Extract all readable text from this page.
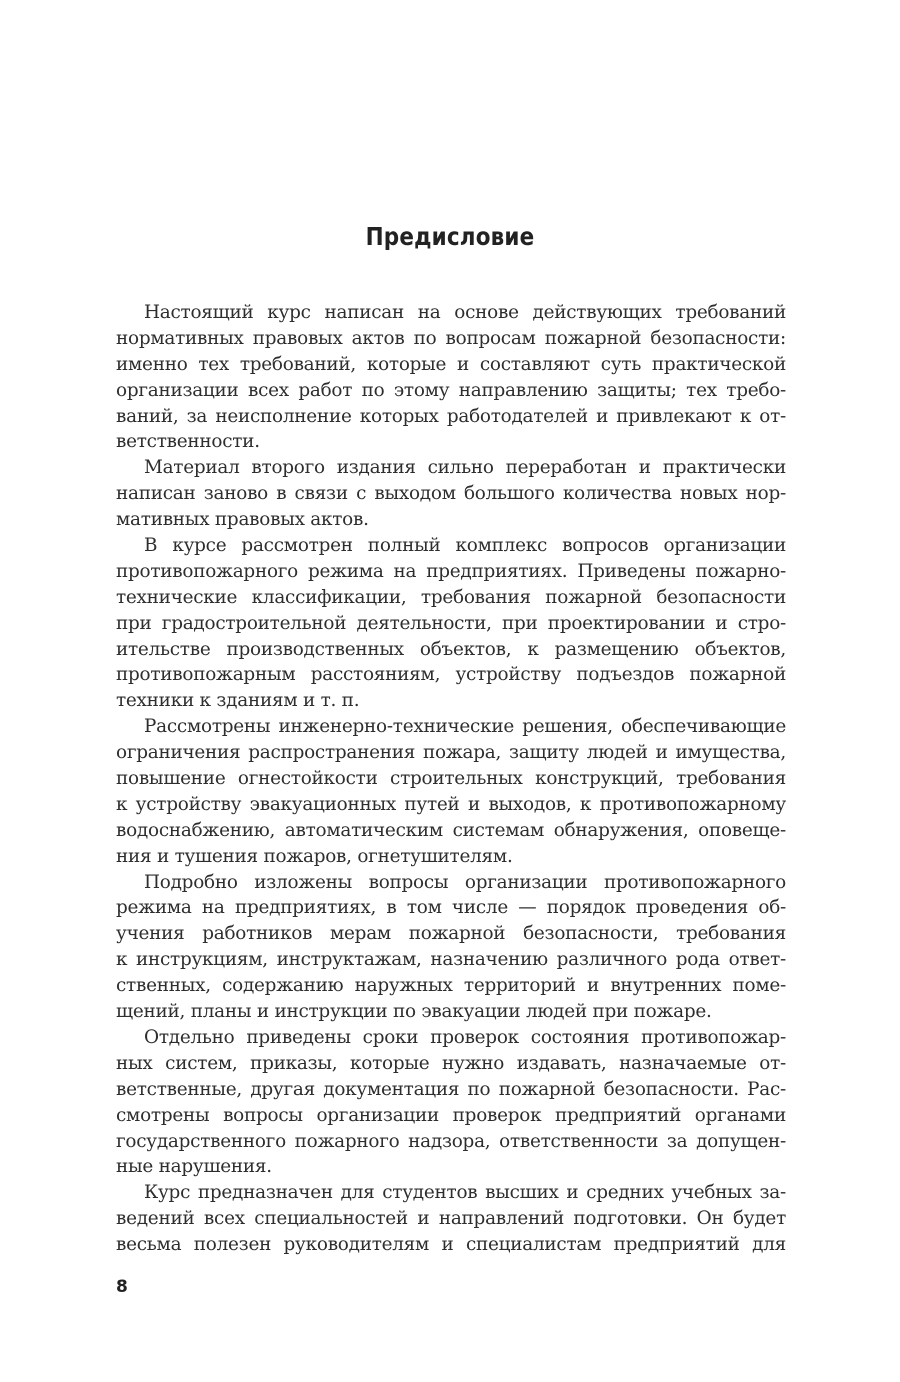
Предисловие
Настоящий курс написан на основе действующих требований
нормативных правовых актов по вопросам пожарной безопасности:
именно тех требований, которые и составляют суть практической
организации всех работ по этому направлению защиты; тех требо-
ваний, за неисполнение которых работодателей и привлекают к от-
ветственности.
Материал второго издания сильно переработан и практически
написан заново в связи с выходом большого количества новых нор-
мативных правовых актов.
В курсе рассмотрен полный комплекс вопросов организации
противопожарного режима на предприятиях. Приведены пожарно-
технические классификации, требования пожарной безопасности
при градостроительной деятельности, при проектировании и стро-
ительстве производственных объектов, к размещению объектов,
противопожарным расстояниям, устройству подъездов пожарной
техники к зданиям и т. п.
Рассмотрены инженерно-технические решения, обеспечивающие
ограничения распространения пожара, защиту людей и имущества,
повышение огнестойкости строительных конструкций, требования
к устройству эвакуационных путей и выходов, к противопожарному
водоснабжению, автоматическим системам обнаружения, оповеще-
ния и тушения пожаров, огнетушителям.
Подробно изложены вопросы организации противопожарного
режима на предприятиях, в том числе — порядок проведения об-
учения работников мерам пожарной безопасности, требования
к инструкциям, инструктажам, назначению различного рода ответ-
ственных, содержанию наружных территорий и внутренних поме-
щений, планы и инструкции по эвакуации людей при пожаре.
Отдельно приведены сроки проверок состояния противопожар-
ных систем, приказы, которые нужно издавать, назначаемые от-
ветственные, другая документация по пожарной безопасности. Рас-
смотрены вопросы организации проверок предприятий органами
государственного пожарного надзора, ответственности за допущен-
ные нарушения.
Курс предназначен для студентов высших и средних учебных за-
ведений всех специальностей и направлений подготовки. Он будет
весьма полезен руководителям и специалистам предприятий для
8
